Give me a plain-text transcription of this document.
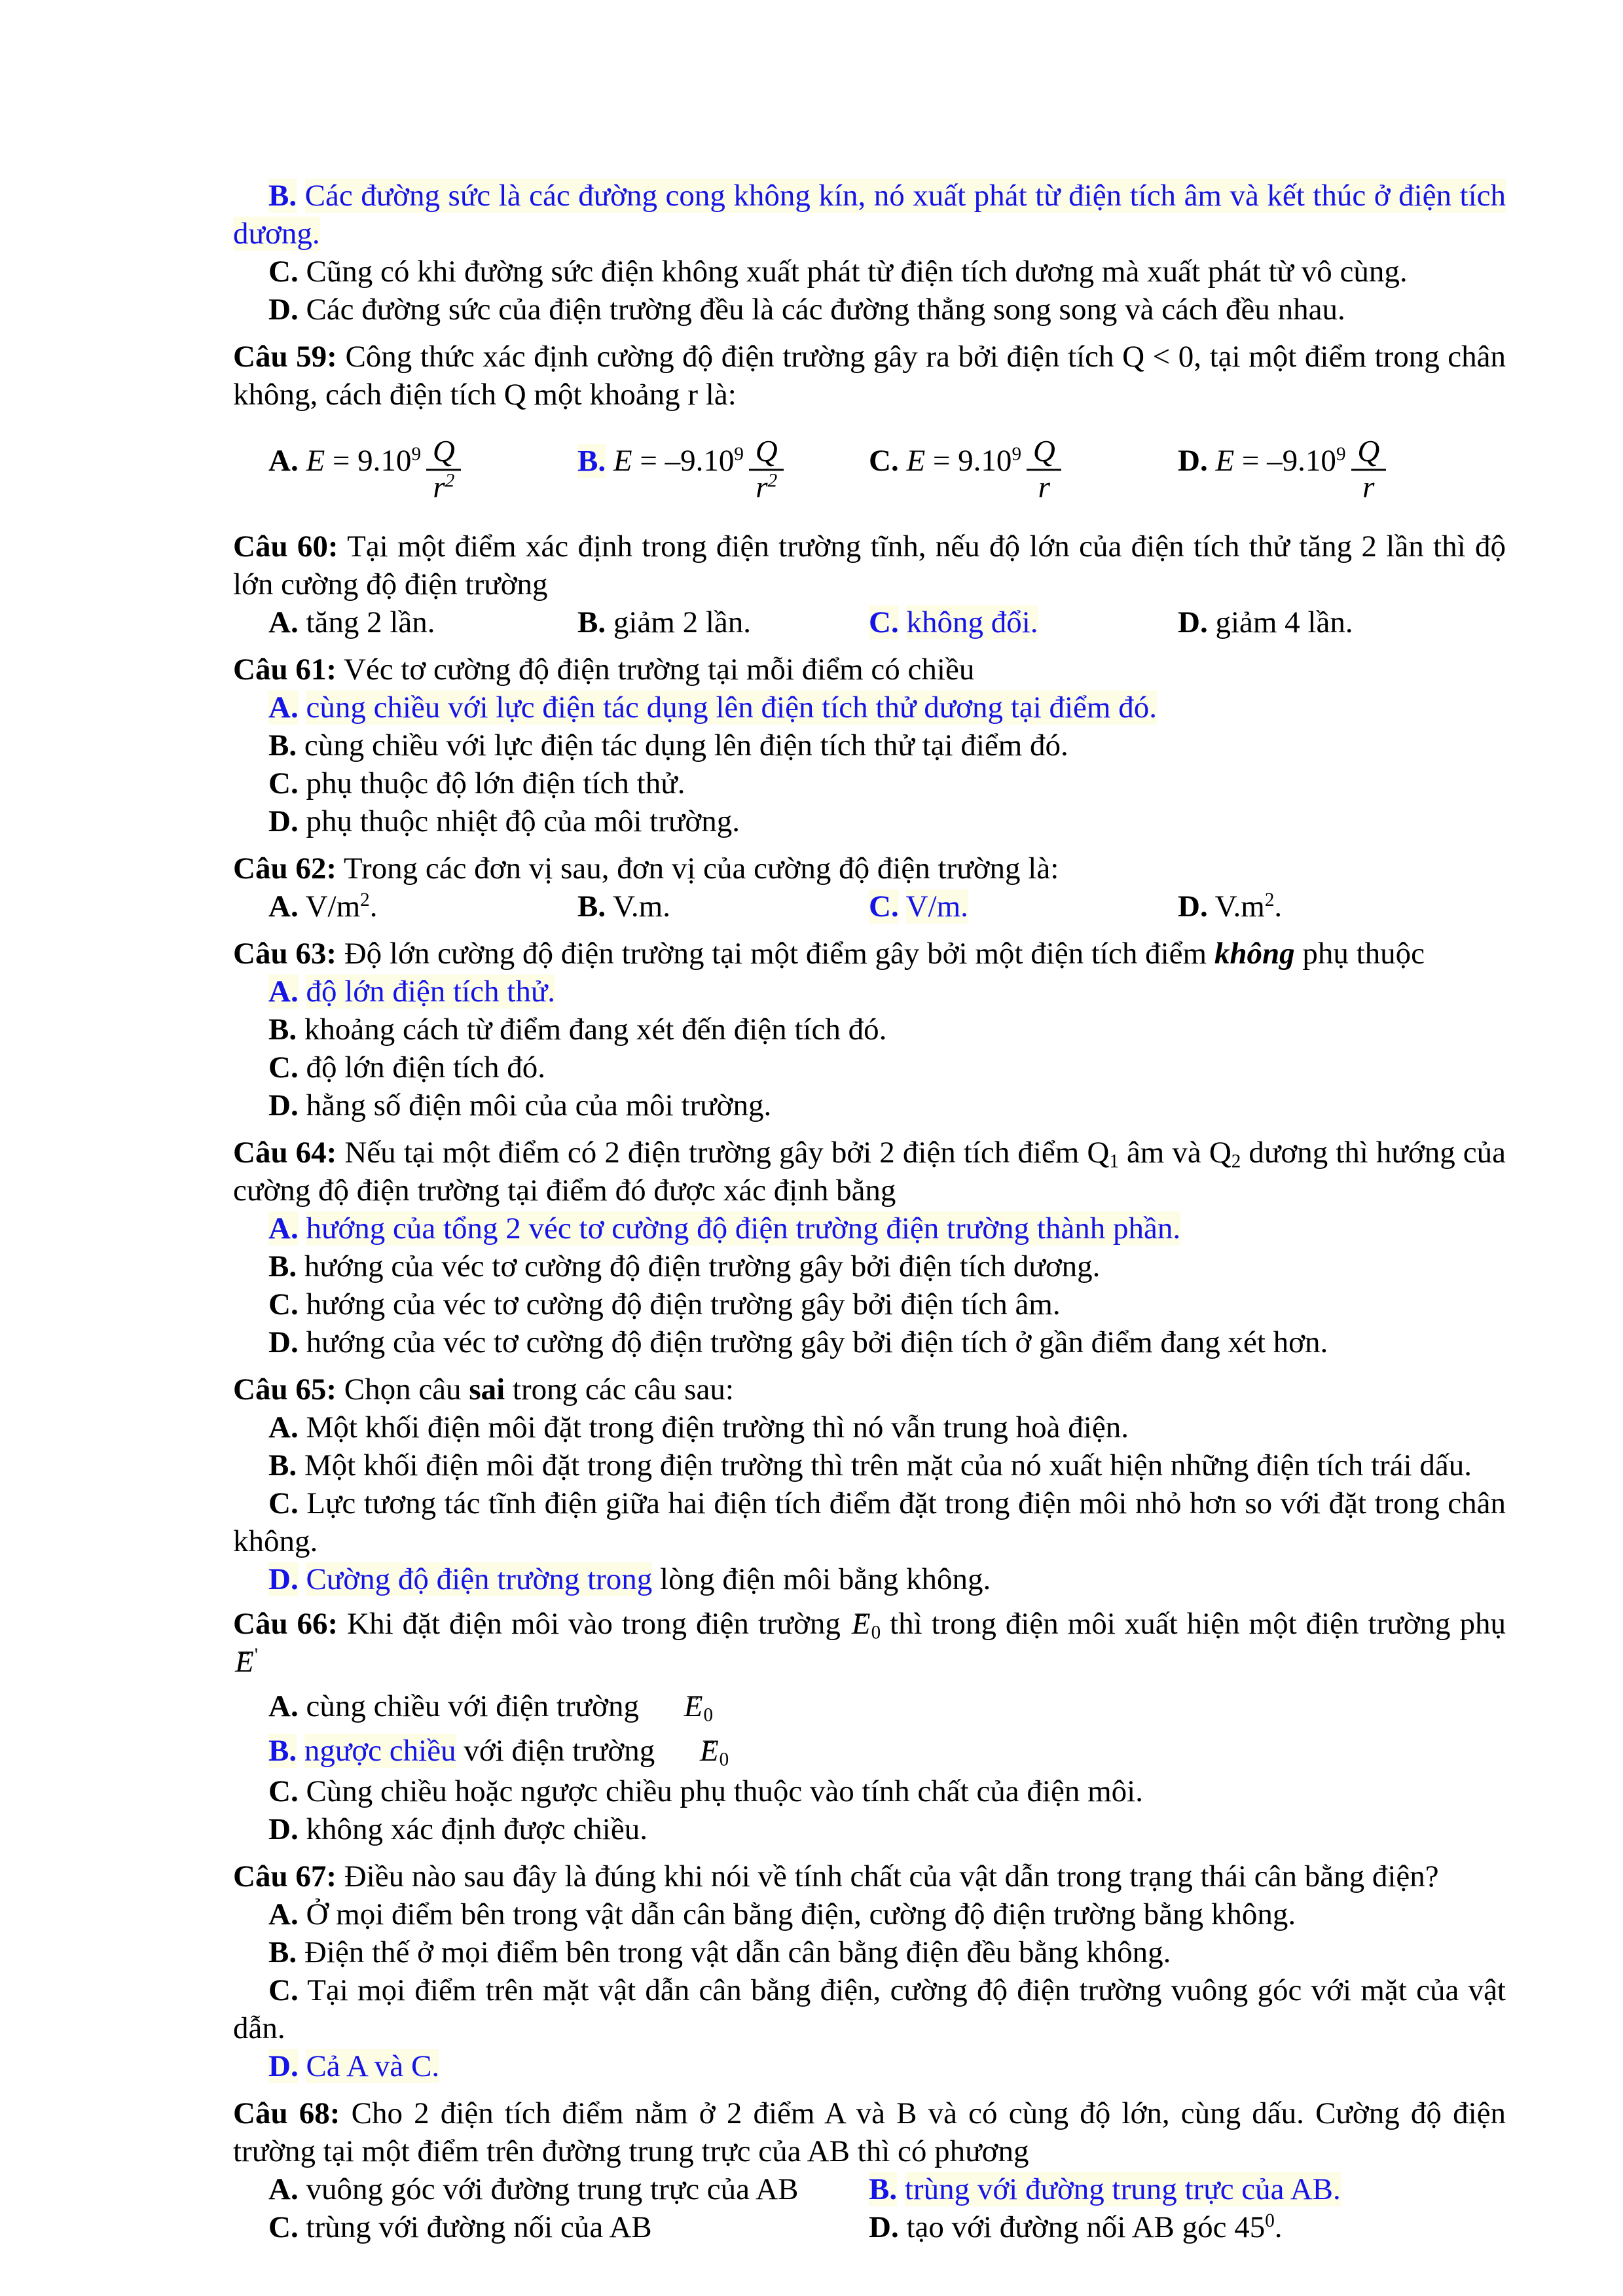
B. Các đường sức là các đường cong không kín, nó xuất phát từ điện tích âm và kết thúc ở điện tích dương.

C. Cũng có khi đường sức điện không xuất phát từ điện tích dương mà xuất phát từ vô cùng.

D. Các đường sức của điện trường đều là các đường thẳng song song và cách đều nhau.

Câu 59: Công thức xác định cường độ điện trường gây ra bởi điện tích Q < 0, tại một điểm trong chân không, cách điện tích Q một khoảng r là:

A. $E = 9.10^9 \frac{Q}{r^2}$	B. $E = -9.10^9 \frac{Q}{r^2}$	C. $E = 9.10^9 \frac{Q}{r}$	D. $E = -9.10^9 \frac{Q}{r}$

Câu 60: Tại một điểm xác định trong điện trường tĩnh, nếu độ lớn của điện tích thử tăng 2 lần thì độ lớn cường độ điện trường

A. tăng 2 lần.	B. giảm 2 lần.	C. không đổi.	D. giảm 4 lần.

Câu 61: Véc tơ cường độ điện trường tại mỗi điểm có chiều

A. cùng chiều với lực điện tác dụng lên điện tích thử dương tại điểm đó.

B. cùng chiều với lực điện tác dụng lên điện tích thử tại điểm đó.

C. phụ thuộc độ lớn điện tích thử.

D. phụ thuộc nhiệt độ của môi trường.

Câu 62: Trong các đơn vị sau, đơn vị của cường độ điện trường là:

A. $V/m^2$.	B. V.m.	C. V/m.	D. $V.m^2$.

Câu 63: Độ lớn cường độ điện trường tại một điểm gây bởi một điện tích điểm không phụ thuộc

A. độ lớn điện tích thử.

B. khoảng cách từ điểm đang xét đến điện tích đó.

C. độ lớn điện tích đó.

D. hằng số điện môi của của môi trường.

Câu 64: Nếu tại một điểm có 2 điện trường gây bởi 2 điện tích điểm $Q_1$ âm và $Q_2$ dương thì hướng của cường độ điện trường tại điểm đó được xác định bằng

A. hướng của tổng 2 véc tơ cường độ điện trường điện trường thành phần.

B. hướng của véc tơ cường độ điện trường gây bởi điện tích dương.

C. hướng của véc tơ cường độ điện trường gây bởi điện tích âm.

D. hướng của véc tơ cường độ điện trường gây bởi điện tích ở gần điểm đang xét hơn.

Câu 65: Chọn câu sai trong các câu sau:

A. Một khối điện môi đặt trong điện trường thì nó vẫn trung hoà điện.

B. Một khối điện môi đặt trong điện trường thì trên mặt của nó xuất hiện những điện tích trái dấu.

C. Lực tương tác tĩnh điện giữa hai điện tích điểm đặt trong điện môi nhỏ hơn so với đặt trong chân không.

D. Cường độ điện trường trong lòng điện môi bằng không.

Câu 66: Khi đặt điện môi vào trong điện trường → $E_0$ thì trong điện môi xuất hiện một điện trường phụ → E'

A. cùng chiều với điện trường → $E_0$

B. ngược chiều với điện trường → $E_0$

C. Cùng chiều hoặc ngược chiều phụ thuộc vào tính chất của điện môi.

D. không xác định được chiều.

Câu 67: Điều nào sau đây là đúng khi nói về tính chất của vật dẫn trong trạng thái cân bằng điện?

A. Ở mọi điểm bên trong vật dẫn cân bằng điện, cường độ điện trường bằng không.

B. Điện thế ở mọi điểm bên trong vật dẫn cân bằng điện đều bằng không.

C. Tại mọi điểm trên mặt vật dẫn cân bằng điện, cường độ điện trường vuông góc với mặt của vật dẫn.

D. Cả A và C.

Câu 68: Cho 2 điện tích điểm nằm ở 2 điểm A và B và có cùng độ lớn, cùng dấu. Cường độ điện trường tại một điểm trên đường trung trực của AB thì có phương

A. vuông góc với đường trung trực của AB B. trùng với đường trung trực của AB.
C. trùng với đường nối của AB	D. tạo với đường nối AB góc $45^0$.
